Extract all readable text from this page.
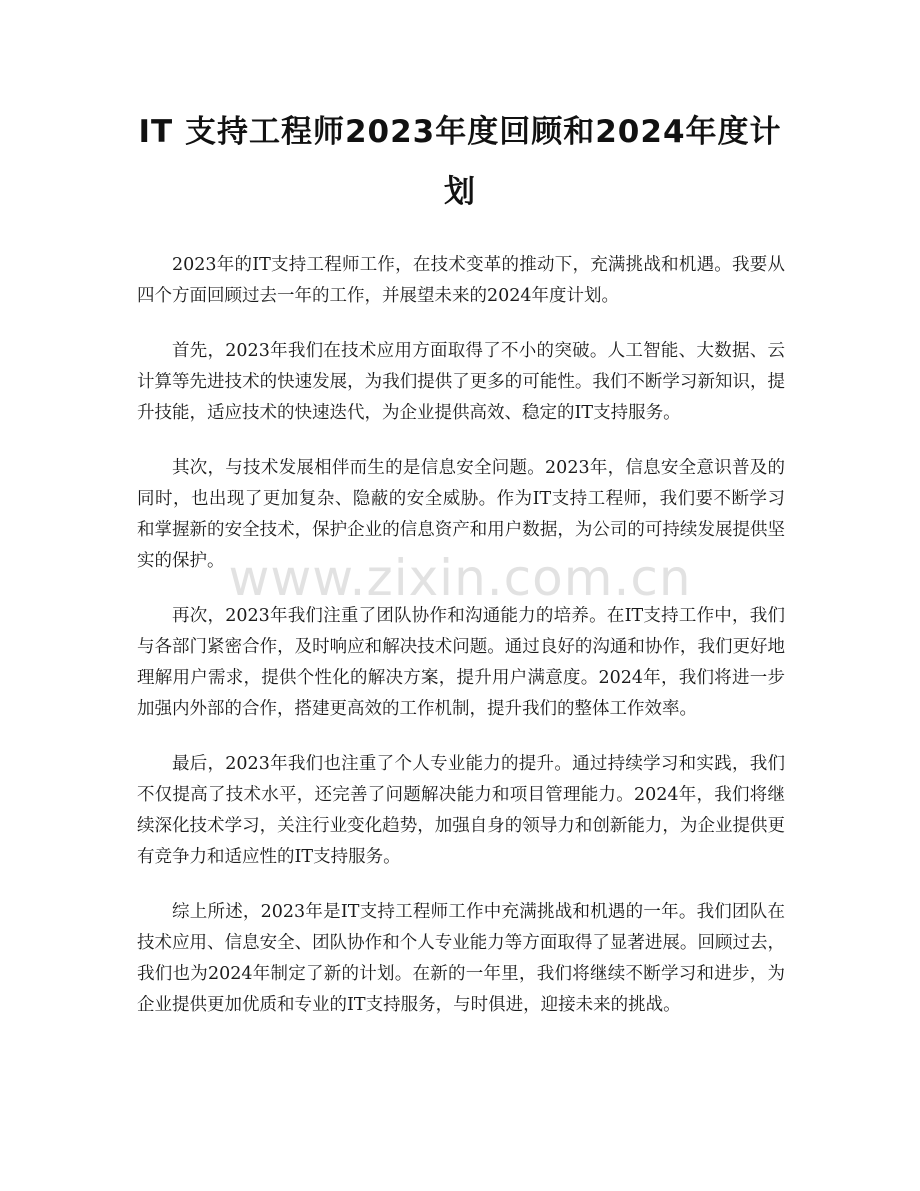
IT 支持工程师2023年度回顾和2024年度计划

2023年的IT支持工程师工作，在技术变革的推动下，充满挑战和机遇。我要从四个方面回顾过去一年的工作，并展望未来的2024年度计划。

首先，2023年我们在技术应用方面取得了不小的突破。人工智能、大数据、云计算等先进技术的快速发展，为我们提供了更多的可能性。我们不断学习新知识，提升技能，适应技术的快速迭代，为企业提供高效、稳定的IT支持服务。

其次，与技术发展相伴而生的是信息安全问题。2023年，信息安全意识普及的同时，也出现了更加复杂、隐蔽的安全威胁。作为IT支持工程师，我们要不断学习和掌握新的安全技术，保护企业的信息资产和用户数据，为公司的可持续发展提供坚实的保护。

再次，2023年我们注重了团队协作和沟通能力的培养。在IT支持工作中，我们与各部门紧密合作，及时响应和解决技术问题。通过良好的沟通和协作，我们更好地理解用户需求，提供个性化的解决方案，提升用户满意度。2024年，我们将进一步加强内外部的合作，搭建更高效的工作机制，提升我们的整体工作效率。

最后，2023年我们也注重了个人专业能力的提升。通过持续学习和实践，我们不仅提高了技术水平，还完善了问题解决能力和项目管理能力。2024年，我们将继续深化技术学习，关注行业变化趋势，加强自身的领导力和创新能力，为企业提供更有竞争力和适应性的IT支持服务。

综上所述，2023年是IT支持工程师工作中充满挑战和机遇的一年。我们团队在技术应用、信息安全、团队协作和个人专业能力等方面取得了显著进展。回顾过去，我们也为2024年制定了新的计划。在新的一年里，我们将继续不断学习和进步，为企业提供更加优质和专业的IT支持服务，与时俱进，迎接未来的挑战。

www.zixin.com.cn
